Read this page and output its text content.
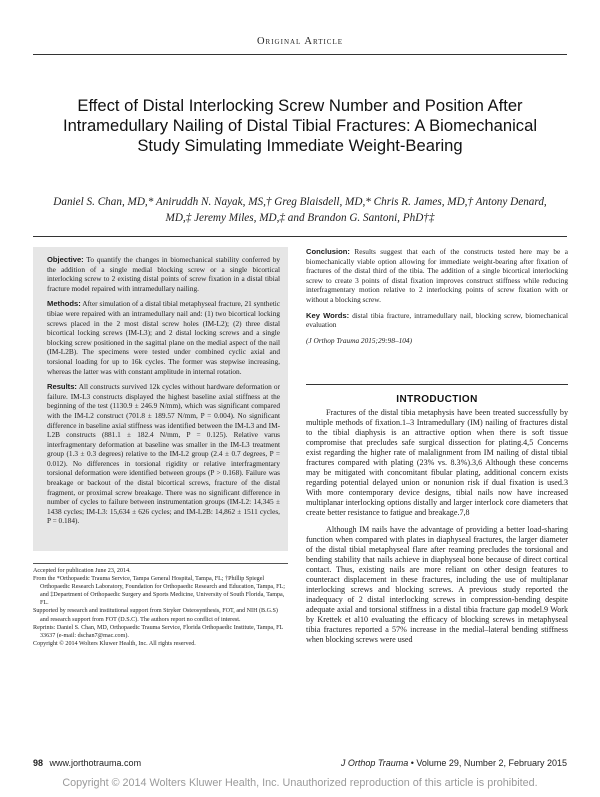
Original Article
Effect of Distal Interlocking Screw Number and Position After Intramedullary Nailing of Distal Tibial Fractures: A Biomechanical Study Simulating Immediate Weight-Bearing
Daniel S. Chan, MD,* Aniruddh N. Nayak, MS,† Greg Blaisdell, MD,* Chris R. James, MD,† Antony Denard, MD,‡ Jeremy Miles, MD,‡ and Brandon G. Santoni, PhD†‡

Objective: To quantify the changes in biomechanical stability conferred by the addition of a single medial blocking screw or a single bicortical interlocking screw to 2 existing distal points of screw fixation in a distal tibial fracture model repaired with intramedullary nailing.

Methods: After simulation of a distal tibial metaphyseal fracture, 21 synthetic tibiae were repaired with an intramedullary nail and: (1) two bicortical locking screws placed in the 2 most distal screw holes (IM-L2); (2) three distal bicortical locking screws (IM-L3); and 2 distal locking screws and a single blocking screw positioned in the sagittal plane on the medial aspect of the nail (IM-L2B). The specimens were tested under combined cyclic axial and torsional loading for up to 16k cycles. The former was stepwise increasing, whereas the latter was with constant amplitude in internal rotation.

Results: All constructs survived 12k cycles without hardware deformation or failure. IM-L3 constructs displayed the highest baseline axial stiffness at the beginning of the test (1130.9 ± 246.9 N/mm), which was significant compared with the IM-L2 construct (701.8 ± 189.57 N/mm, P = 0.004). No significant difference in baseline axial stiffness was identified between the IM-L3 and IM-L2B constructs (881.1 ± 182.4 N/mm, P = 0.125). Relative varus interfragmentary deformation at baseline was smaller in the IM-L3 treatment group (1.3 ± 0.3 degrees) relative to the IM-L2 group (2.4 ± 0.7 degrees, P = 0.012). No differences in torsional rigidity or relative interfragmentary torsional deformation were identified between groups (P > 0.168). Failure was breakage or backout of the distal bicortical screws, fracture of the distal fragment, or proximal screw breakage. There was no significant difference in number of cycles to failure between instrumentation groups (IM-L2: 14,345 ± 1438 cycles; IM-L3: 15,634 ± 626 cycles; and IM-L2B: 14,862 ± 1511 cycles, P = 0.184).

Conclusion: Results suggest that each of the constructs tested here may be a biomechanically viable option allowing for immediate weight-bearing after fixation of fractures of the distal third of the tibia. The addition of a single bicortical interlocking screw to create 3 points of distal fixation improves construct stiffness while reducing interfragmentary motion relative to 2 interlocking points of screw fixation with or without a blocking screw.

Key Words: distal tibia fracture, intramedullary nail, blocking screw, biomechanical evaluation

(J Orthop Trauma 2015;29:98–104)

INTRODUCTION

Fractures of the distal tibia metaphysis have been treated successfully by multiple methods of fixation.1–3 Intramedullary (IM) nailing of fractures distal to the tibial diaphysis is an attractive option when there is soft tissue compromise that precludes safe surgical dissection for plating.4,5 Concerns exist regarding the higher rate of malalignment from IM nailing of distal tibial fractures compared with plating (23% vs. 8.3%).3,6 Although these concerns may be mitigated with concomitant fibular plating, additional concern exists regarding potential delayed union or nonunion risk if dual fixation is used.3 With more contemporary device designs, tibial nails now have increased multiplanar interlocking options distally and larger interlock core diameters that create better resistance to fatigue and breakage.7,8

Although IM nails have the advantage of providing a better load-sharing function when compared with plates in diaphyseal fractures, the larger diameter of the distal tibial metaphyseal flare after reaming precludes the torsional and bending stability that nails achieve in diaphyseal bone because of direct cortical contact. Thus, existing nails are more reliant on other design features to counteract displacement in these fractures, including the use of multiplanar interlocking screws and blocking screws. A previous study reported the inadequacy of 2 distal interlocking screws in compression-bending despite adequate axial and torsional stiffness in a distal tibia fracture gap model.9 Work by Krettek et al10 evaluating the efficacy of blocking screws in metaphyseal tibia fractures reported a 57% increase in the medial–lateral bending stiffness when blocking screws were used

Accepted for publication June 23, 2014.

From the *Orthopaedic Trauma Service, Tampa General Hospital, Tampa, FL; †Phillip Spiegel Orthopaedic Research Laboratory, Foundation for Orthopaedic Research and Education, Tampa, FL; and ‡Department of Orthopaedic Surgery and Sports Medicine, University of South Florida, Tampa, FL.

Supported by research and institutional support from Stryker Osteosynthesis, FOT, and NIH (B.G.S) and research support from FOT (D.S.C). The authors report no conflict of interest.

Reprints: Daniel S. Chan, MD, Orthopaedic Trauma Service, Florida Orthopaedic Institute, Tampa, FL 33637 (e-mail: dschan7@mac.com).

Copyright © 2014 Wolters Kluwer Health, Inc. All rights reserved.

98 www.jorthotrauma.com	J Orthop Trauma • Volume 29, Number 2, February 2015
Copyright © 2014 Wolters Kluwer Health, Inc. Unauthorized reproduction of this article is prohibited.
